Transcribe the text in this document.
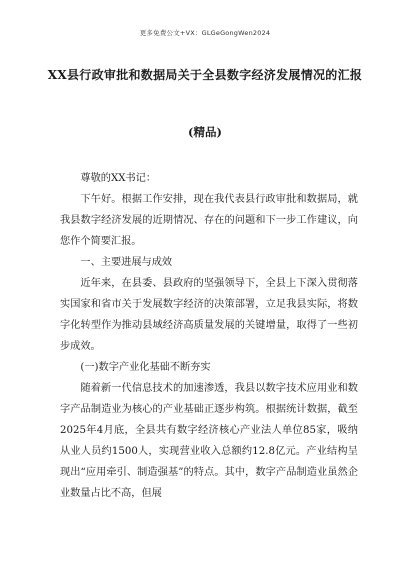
更多免费公文+VX：GLGeGongWen2024
XX县行政审批和数据局关于全县数字经济发展情况的汇报
(精品)

尊敬的XX书记：

下午好。根据工作安排，现在我代表县行政审批和数据局，就我县数字经济发展的近期情况、存在的问题和下一步工作建议，向您作个简要汇报。

一、主要进展与成效

近年来，在县委、县政府的坚强领导下，全县上下深入贯彻落实国家和省市关于发展数字经济的决策部署，立足我县实际，将数字化转型作为推动县域经济高质量发展的关键增量，取得了一些初步成效。

(一)数字产业化基础不断夯实

随着新一代信息技术的加速渗透，我县以数字技术应用业和数字产品制造业为核心的产业基础正逐步构筑。根据统计数据，截至2025年4月底，全县共有数字经济核心产业法人单位85家，吸纳从业人员约1500人，实现营业收入总额约12.8亿元。产业结构呈现出“应用牵引、制造强基”的特点。其中，数字产品制造业虽然企业数量占比不高，但展
